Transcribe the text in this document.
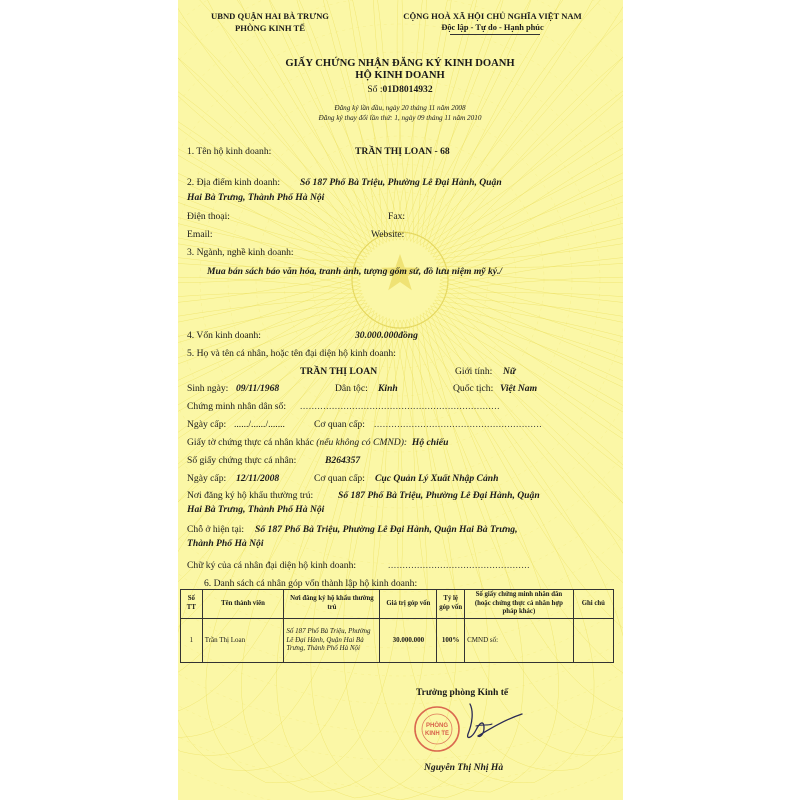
UBND QUẬN HAI BÀ TRƯNG
PHÒNG KINH TẾ
CỘNG HOÀ XÃ HỘI CHỦ NGHĨA VIỆT NAM
Độc lập - Tự do - Hạnh phúc
GIẤY CHỨNG NHẬN ĐĂNG KÝ KINH DOANH
HỘ KINH DOANH
Số :01D8014932
Đăng ký lần đầu, ngày 20 tháng 11 năm 2008
Đăng ký thay đổi lần thứ: 1, ngày 09 tháng 11 năm 2010
1. Tên hộ kinh doanh:	TRẦN THỊ LOAN - 68
2. Địa điểm kinh doanh: Số 187 Phố Bà Triệu, Phường Lê Đại Hành, Quận
Hai Bà Trưng, Thành Phố Hà Nội
Điện thoại:	Fax:
Email:	Website:
3. Ngành, nghề kinh doanh:
Mua bán sách báo văn hóa, tranh ảnh, tượng gốm sứ, đồ lưu niệm mỹ ký./
4. Vốn kinh doanh:	30.000.000đồng
5. Họ và tên cá nhân, hoặc tên đại diện hộ kinh doanh:
TRẦN THỊ LOAN	Giới tính: Nữ
Sinh ngày: 09/11/1968	Dân tộc: Kinh	Quốc tịch: Việt Nam
Chứng minh nhân dân số: .....................................................................
Ngày cấp: ....../....../.......	Cơ quan cấp: ..........................................................
Giấy tờ chứng thực cá nhân khác (nếu không có CMND): Hộ chiếu
Số giấy chứng thực cá nhân:	B264357
Ngày cấp: 12/11/2008	Cơ quan cấp: Cục Quản Lý Xuất Nhập Cảnh
Nơi đăng ký hộ khẩu thường trú:	Số 187 Phố Bà Triệu, Phường Lê Đại Hành, Quận
Hai Bà Trưng, Thành Phố Hà Nội
Chỗ ở hiện tại: Số 187 Phố Bà Triệu, Phường Lê Đại Hành, Quận Hai Bà Trưng,
Thành Phố Hà Nội
Chữ ký của cá nhân đại diện hộ kinh doanh:	.................................................
6. Danh sách cá nhân góp vốn thành lập hộ kinh doanh:
Số TT	Tên thành viên	Nơi đăng ký hộ khẩu thường trú	Giá trị góp vốn	Tỷ lệ góp vốn	Số giấy chứng minh nhân dân (hoặc chứng thực cá nhân hợp pháp khác)	Ghi chú
1	Trần Thị Loan	Số 187 Phố Bà Triệu, Phường Lê Đại Hành, Quận Hai Bà Trưng, Thành Phố Hà Nội	30.000.000	100%	CMND số:	
Trưởng phòng Kinh tế
PHÒNG
KINH TẾ
Nguyễn Thị Nhị Hà
